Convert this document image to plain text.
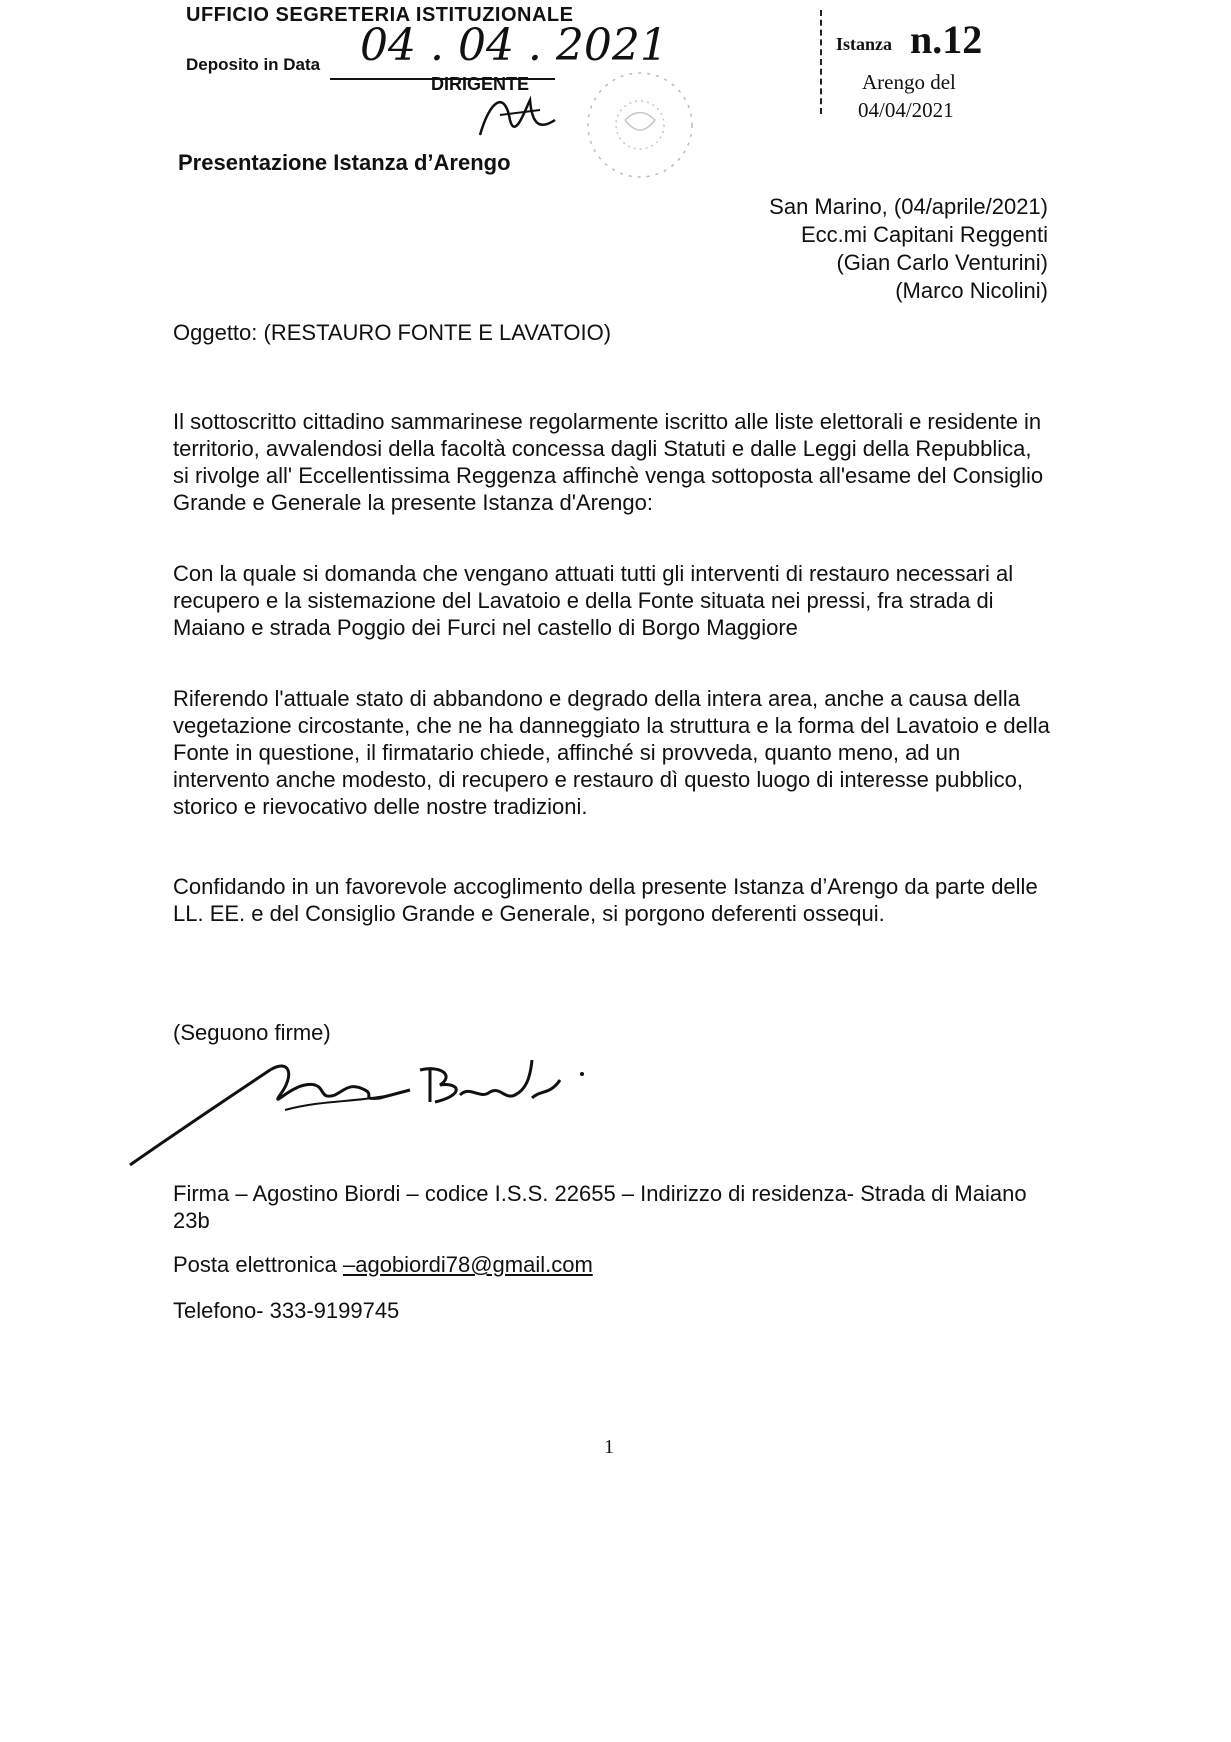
UFFICIO SEGRETERIA ISTITUZIONALE
Deposito in Data 04 . 04 . 2021
DIRIGENTE
Presentazione Istanza d’Arengo
Istanza n.12
Arengo del
04/04/2021
San Marino, (04/aprile/2021)
Ecc.mi Capitani Reggenti
(Gian Carlo Venturini)
(Marco Nicolini)
Oggetto: (RESTAURO FONTE E LAVATOIO)

Il sottoscritto cittadino sammarinese regolarmente iscritto alle liste elettorali e residente in territorio, avvalendosi della facoltà concessa dagli Statuti e dalle Leggi della Repubblica, si rivolge all' Eccellentissima Reggenza affinchè venga sottoposta all'esame del Consiglio Grande e Generale la presente Istanza d'Arengo:

Con la quale si domanda che vengano attuati tutti gli interventi di restauro necessari al recupero e la sistemazione del Lavatoio e della Fonte situata nei pressi, fra strada di Maiano e strada Poggio dei Furci nel castello di Borgo Maggiore

Riferendo l'attuale stato di abbandono e degrado della intera area, anche a causa della vegetazione circostante, che ne ha danneggiato la struttura e la forma del Lavatoio e della Fonte in questione, il firmatario chiede, affinché si provveda, quanto meno, ad un intervento anche modesto, di recupero e restauro dì questo luogo di interesse pubblico, storico e rievocativo delle nostre tradizioni.

Confidando in un favorevole accoglimento della presente Istanza d’Arengo da parte delle LL. EE. e del Consiglio Grande e Generale, si porgono deferenti ossequi.

(Seguono firme)
Firma – Agostino Biordi – codice I.S.S. 22655 – Indirizzo di residenza- Strada di Maiano 23b
Posta elettronica –agobiordi78@gmail.com
Telefono- 333-9199745
1
